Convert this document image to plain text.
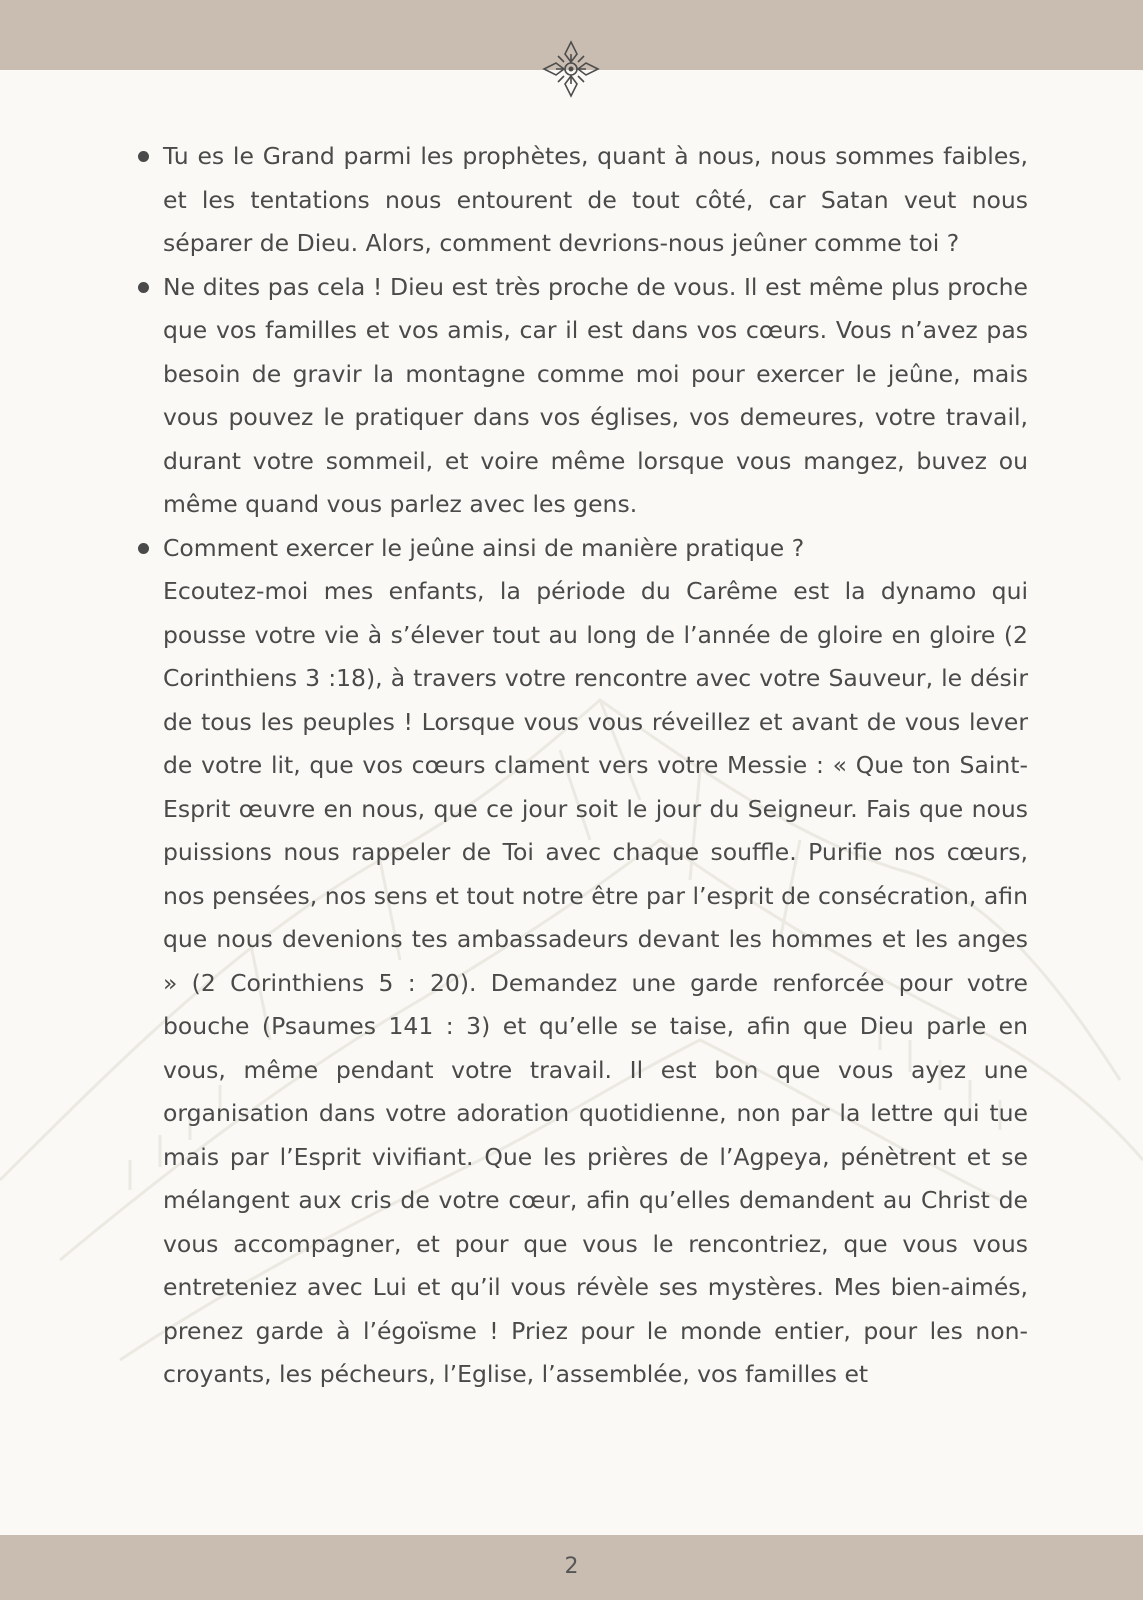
Tu es le Grand parmi les prophètes, quant à nous, nous sommes faibles, et les tentations nous entourent de tout côté, car Satan veut nous séparer de Dieu. Alors, comment devrions-nous jeûner comme toi ?
Ne dites pas cela ! Dieu est très proche de vous. Il est même plus proche que vos familles et vos amis, car il est dans vos cœurs. Vous n’avez pas besoin de gravir la montagne comme moi pour exercer le jeûne, mais vous pouvez le pratiquer dans vos églises, vos demeures, votre travail, durant votre sommeil, et voire même lorsque vous mangez, buvez ou même quand vous parlez avec les gens.
Comment exercer le jeûne ainsi de manière pratique ?
Ecoutez-moi mes enfants, la période du Carême est la dynamo qui pousse votre vie à s’élever tout au long de l’année de gloire en gloire (2 Corinthiens 3 :18), à travers votre rencontre avec votre Sauveur, le désir de tous les peuples ! Lorsque vous vous réveillez et avant de vous lever de votre lit, que vos cœurs clament vers votre Messie : « Que ton Saint-Esprit œuvre en nous, que ce jour soit le jour du Seigneur. Fais que nous puissions nous rappeler de Toi avec chaque souffle. Purifie nos cœurs, nos pensées, nos sens et tout notre être par l’esprit de consécration, afin que nous devenions tes ambassadeurs devant les hommes et les anges » (2 Corinthiens 5 : 20). Demandez une garde renforcée pour votre bouche (Psaumes 141 : 3) et qu’elle se taise, afin que Dieu parle en vous, même pendant votre travail. Il est bon que vous ayez une organisation dans votre adoration quotidienne, non par la lettre qui tue mais par l’Esprit vivifiant. Que les prières de l’Agpeya, pénètrent et se mélangent aux cris de votre cœur, afin qu’elles demandent au Christ de vous accompagner, et pour que vous le rencontriez, que vous vous entreteniez avec Lui et qu’il vous révèle ses mystères. Mes bien-aimés, prenez garde à l’égoïsme ! Priez pour le monde entier, pour les non-croyants, les pécheurs, l’Eglise, l’assemblée, vos familles et
2
